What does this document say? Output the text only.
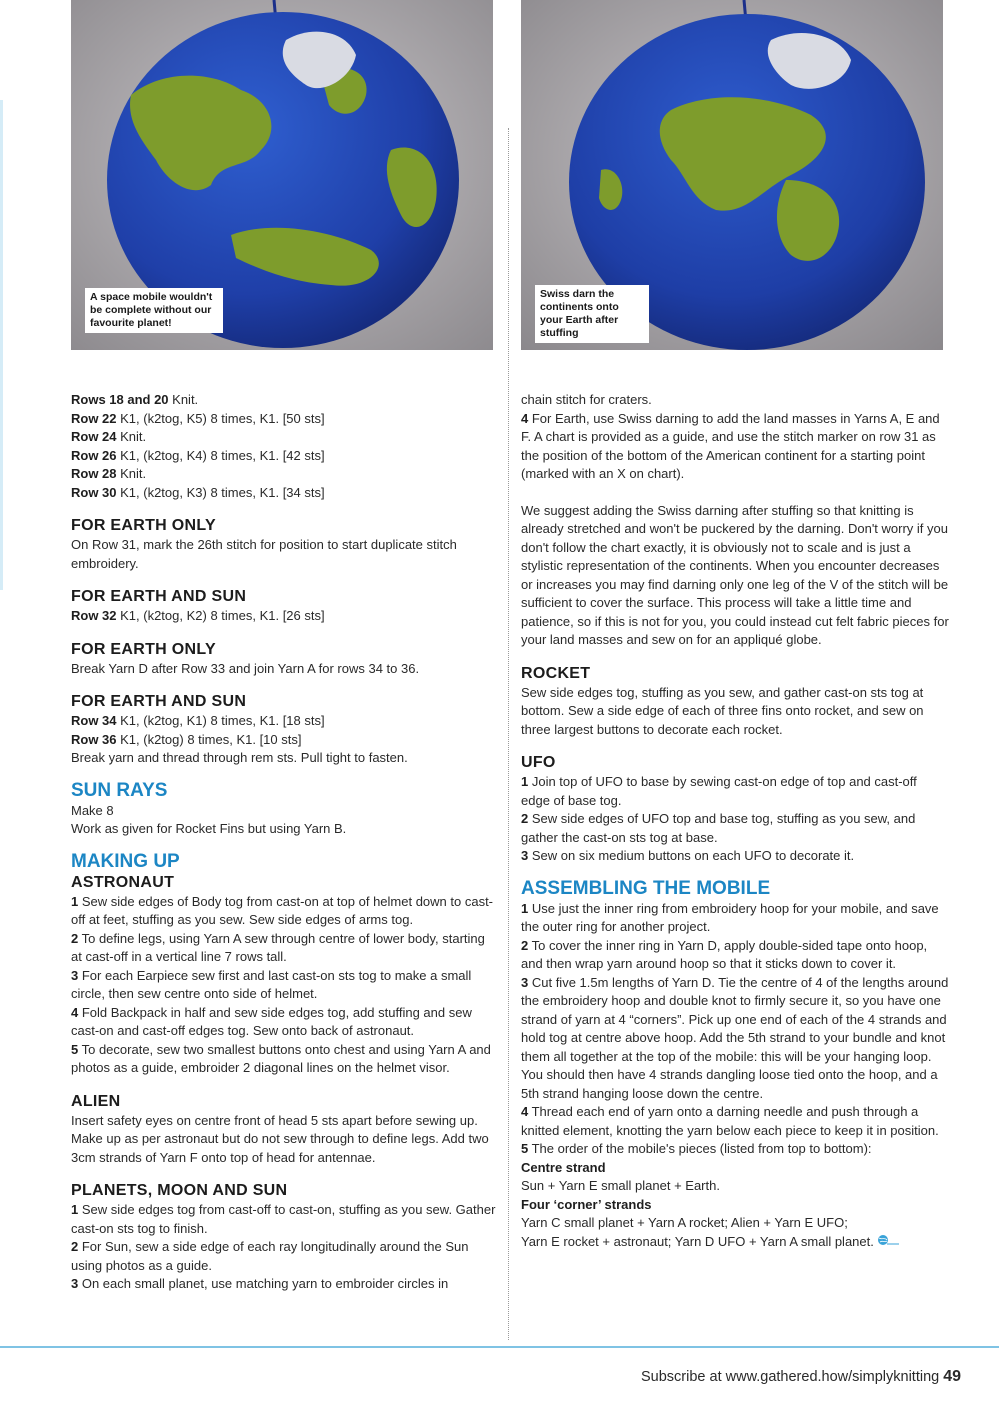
A space mobile wouldn't be complete without our favourite planet!
Swiss darn the continents onto your Earth after stuffing

Rows 18 and 20 Knit.

Row 22 K1, (k2tog, K5) 8 times, K1. [50 sts]

Row 24 Knit.

Row 26 K1, (k2tog, K4) 8 times, K1. [42 sts]

Row 28 Knit.

Row 30 K1, (k2tog, K3) 8 times, K1. [34 sts]

FOR EARTH ONLY

On Row 31, mark the 26th stitch for position to start duplicate stitch embroidery.

FOR EARTH AND SUN

Row 32 K1, (k2tog, K2) 8 times, K1. [26 sts]

FOR EARTH ONLY

Break Yarn D after Row 33 and join Yarn A for rows 34 to 36.

FOR EARTH AND SUN

Row 34 K1, (k2tog, K1) 8 times, K1. [18 sts]

Row 36 K1, (k2tog) 8 times, K1. [10 sts]

Break yarn and thread through rem sts. Pull tight to fasten.

SUN RAYS

Make 8

Work as given for Rocket Fins but using Yarn B.

MAKING UP
ASTRONAUT

1 Sew side edges of Body tog from cast-on at top of helmet down to cast-off at feet, stuffing as you sew. Sew side edges of arms tog.

2 To define legs, using Yarn A sew through centre of lower body, starting at cast-off in a vertical line 7 rows tall.

3 For each Earpiece sew first and last cast-on sts tog to make a small circle, then sew centre onto side of helmet.

4 Fold Backpack in half and sew side edges tog, add stuffing and sew cast-on and cast-off edges tog. Sew onto back of astronaut.

5 To decorate, sew two smallest buttons onto chest and using Yarn A and photos as a guide, embroider 2 diagonal lines on the helmet visor.

ALIEN

Insert safety eyes on centre front of head 5 sts apart before sewing up. Make up as per astronaut but do not sew through to define legs. Add two 3cm strands of Yarn F onto top of head for antennae.

PLANETS, MOON AND SUN

1 Sew side edges tog from cast-off to cast-on, stuffing as you sew. Gather cast-on sts tog to finish.

2 For Sun, sew a side edge of each ray longitudinally around the Sun using photos as a guide.

3 On each small planet, use matching yarn to embroider circles in

chain stitch for craters.

4 For Earth, use Swiss darning to add the land masses in Yarns A, E and F. A chart is provided as a guide, and use the stitch marker on row 31 as the position of the bottom of the American continent for a starting point (marked with an X on chart).

We suggest adding the Swiss darning after stuffing so that knitting is already stretched and won't be puckered by the darning. Don't worry if you don't follow the chart exactly, it is obviously not to scale and is just a stylistic representation of the continents. When you encounter decreases or increases you may find darning only one leg of the V of the stitch will be sufficient to cover the surface. This process will take a little time and patience, so if this is not for you, you could instead cut felt fabric pieces for your land masses and sew on for an appliqué globe.

ROCKET

Sew side edges tog, stuffing as you sew, and gather cast-on sts tog at bottom. Sew a side edge of each of three fins onto rocket, and sew on three largest buttons to decorate each rocket.

UFO

1 Join top of UFO to base by sewing cast-on edge of top and cast-off edge of base tog.

2 Sew side edges of UFO top and base tog, stuffing as you sew, and gather the cast-on sts tog at base.

3 Sew on six medium buttons on each UFO to decorate it.

ASSEMBLING THE MOBILE

1 Use just the inner ring from embroidery hoop for your mobile, and save the outer ring for another project.

2 To cover the inner ring in Yarn D, apply double-sided tape onto hoop, and then wrap yarn around hoop so that it sticks down to cover it.

3 Cut five 1.5m lengths of Yarn D. Tie the centre of 4 of the lengths around the embroidery hoop and double knot to firmly secure it, so you have one strand of yarn at 4 “corners”. Pick up one end of each of the 4 strands and hold tog at centre above hoop. Add the 5th strand to your bundle and knot them all together at the top of the mobile: this will be your hanging loop. You should then have 4 strands dangling loose tied onto the hoop, and a 5th strand hanging loose down the centre.

4 Thread each end of yarn onto a darning needle and push through a knitted element, knotting the yarn below each piece to keep it in position.

5 The order of the mobile's pieces (listed from top to bottom):

Centre strand

Sun + Yarn E small planet + Earth.

Four ‘corner’ strands

Yarn C small planet + Yarn A rocket; Alien + Yarn E UFO;

Yarn E rocket + astronaut; Yarn D UFO + Yarn A small planet.

Subscribe at www.gathered.how/simplyknitting 49
